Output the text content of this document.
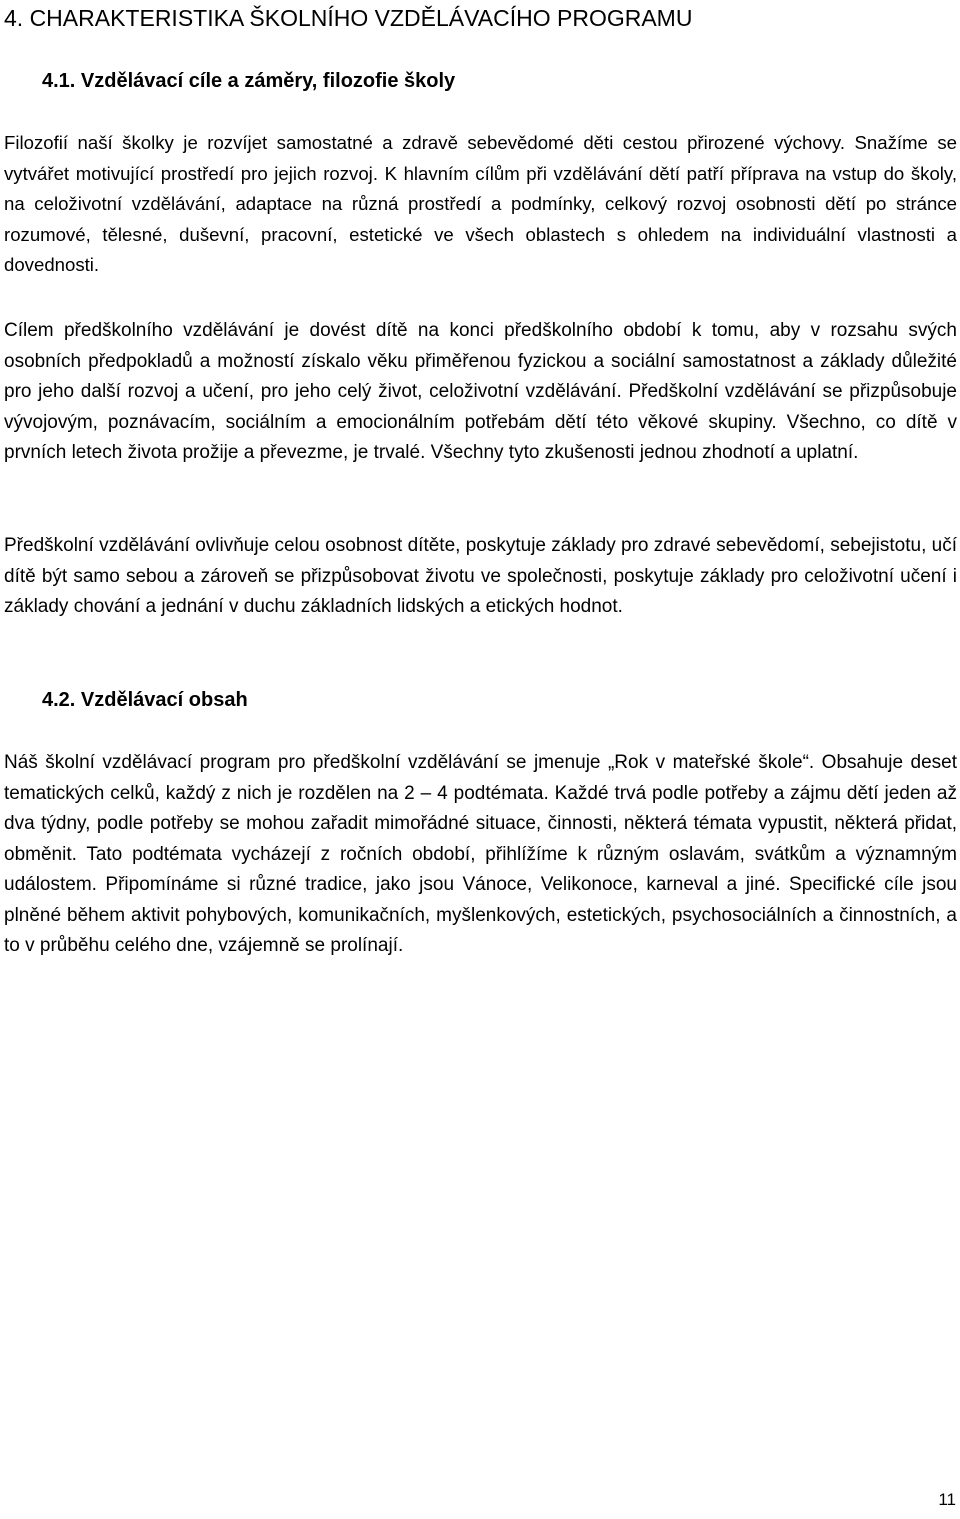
4. CHARAKTERISTIKA ŠKOLNÍHO VZDĚLÁVACÍHO PROGRAMU
4.1. Vzdělávací cíle a záměry, filozofie školy

Filozofií naší školky je rozvíjet samostatné a zdravě sebevědomé děti cestou přirozené výchovy. Snažíme se vytvářet motivující prostředí pro jejich rozvoj. K hlavním cílům při vzdělávání dětí patří příprava na vstup do školy, na celoživotní vzdělávání, adaptace na různá prostředí a podmínky, celkový rozvoj osobnosti dětí po stránce rozumové, tělesné, duševní, pracovní, estetické ve všech oblastech s ohledem na individuální vlastnosti a dovednosti.

Cílem předškolního vzdělávání je dovést dítě na konci předškolního období k tomu, aby v rozsahu svých osobních předpokladů a možností získalo věku přiměřenou fyzickou a sociální samostatnost a základy důležité pro jeho další rozvoj a učení, pro jeho celý život, celoživotní vzdělávání. Předškolní vzdělávání se přizpůsobuje vývojovým, poznávacím, sociálním a emocionálním potřebám dětí této věkové skupiny. Všechno, co dítě v prvních letech života prožije a převezme, je trvalé. Všechny tyto zkušenosti jednou zhodnotí a uplatní.

Předškolní vzdělávání ovlivňuje celou osobnost dítěte, poskytuje základy pro zdravé sebevědomí, sebejistotu, učí dítě být samo sebou a zároveň se přizpůsobovat životu ve společnosti, poskytuje základy pro celoživotní učení i základy chování a jednání v duchu základních lidských a etických hodnot.

4.2. Vzdělávací obsah

Náš školní vzdělávací program pro předškolní vzdělávání se jmenuje „Rok v mateřské škole“. Obsahuje deset tematických celků, každý z nich je rozdělen na 2 – 4 podtémata. Každé trvá podle potřeby a zájmu dětí jeden až dva týdny, podle potřeby se mohou zařadit mimořádné situace, činnosti, některá témata vypustit, některá přidat, obměnit. Tato podtémata vycházejí z ročních období, přihlížíme k různým oslavám, svátkům a významným událostem. Připomínáme si různé tradice, jako jsou Vánoce, Velikonoce, karneval a jiné. Specifické cíle jsou plněné během aktivit pohybových, komunikačních, myšlenkových, estetických, psychosociálních a činnostních, a to v průběhu celého dne, vzájemně se prolínají.

11
